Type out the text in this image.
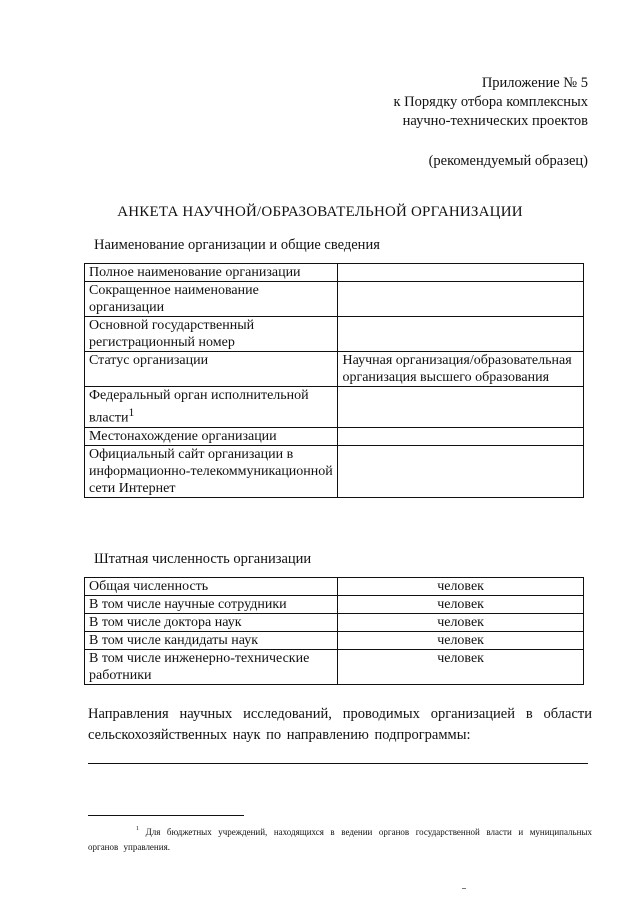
Приложение № 5
к Порядку отбора комплексных
научно-технических проектов
(рекомендуемый образец)
АНКЕТА НАУЧНОЙ/ОБРАЗОВАТЕЛЬНОЙ ОРГАНИЗАЦИИ
Наименование организации и общие сведения
Полное наименование организации	
Сокращенное наименование организации	
Основной государственный регистрационный номер	
Статус организации	Научная организация/образовательная организация высшего образования
Федеральный орган исполнительной власти$^1$	
Местонахождение организации	
Официальный сайт организации в информационно-телекоммуникационной сети Интернет	
Штатная численность организации
Общая численность	человек
В том числе научные сотрудники	человек
В том числе доктора наук	человек
В том числе кандидаты наук	человек
В том числе инженерно-технические работники	человек
Направления научных исследований, проводимых организацией в области сельскохозяйственных наук по направлению подпрограммы:
$^1$ Для бюджетных учреждений, находящихся в ведении органов государственной власти и муниципальных органов управления.
